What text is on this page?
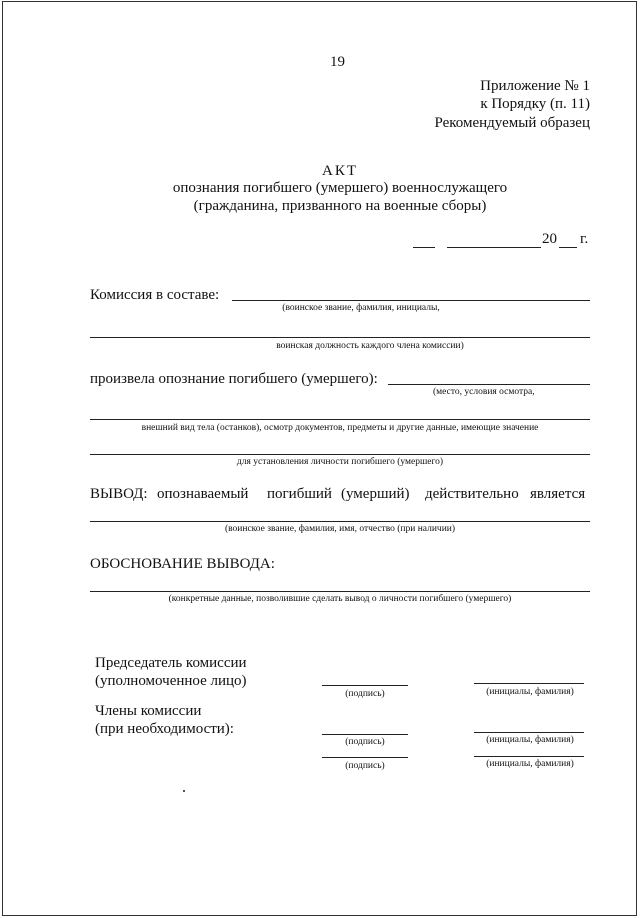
19
Приложение № 1
к Порядку (п. 11)
Рекомендуемый образец
АКТ
опознания погибшего (умершего) военнослужащего
(гражданина, призванного на военные сборы)
20 г.
Комиссия в составе:
(воинское звание, фамилия, инициалы,
воинская должность каждого члена комиссии)
произвела опознание погибшего (умершего):
(место, условия осмотра,
внешний вид тела (останков), осмотр документов, предметы и другие данные, имеющие значение
для установления личности погибшего (умершего)
ВЫВОД: опознаваемый погибший (умерший) действительно является
(воинское звание, фамилия, имя, отчество (при наличии)
ОБОСНОВАНИЕ ВЫВОДА:
(конкретные данные, позволившие сделать вывод о личности погибшего (умершего)
Председатель комиссии
(уполномоченное лицо)
(подпись)	(инициалы, фамилия)
Члены комиссии
(при необходимости):
(подпись)	(инициалы, фамилия)
(подпись)	(инициалы, фамилия)
